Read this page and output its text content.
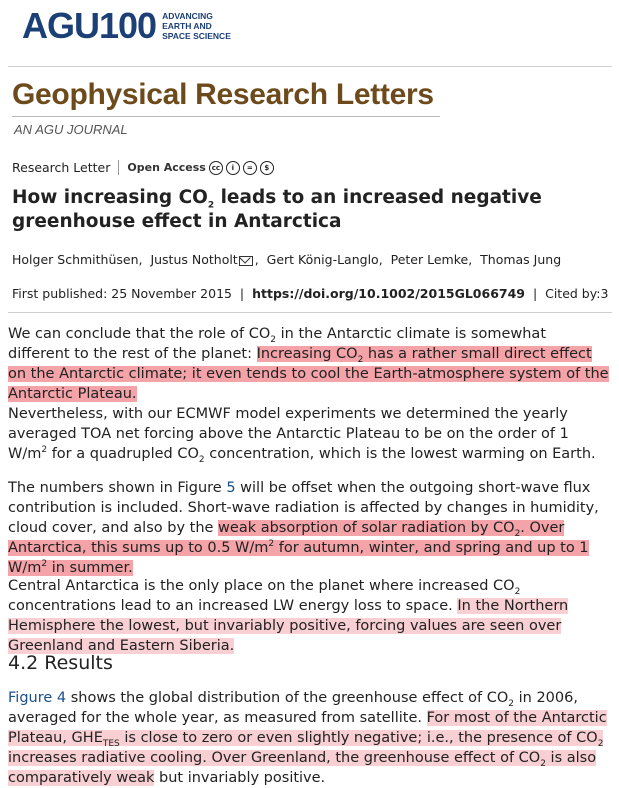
AGU100 ADVANCING
EARTH AND
SPACE SCIENCE
Geophysical Research Letters
AN AGU JOURNAL
Research Letter Open Access cc	i	=	$
How increasing $CO_2$ leads to an increased negative greenhouse effect in Antarctica
Holger Schmithüsen,  Justus Notholt ,  Gert König-Langlo,  Peter Lemke,  Thomas Jung
First published: 25 November 2015  |  https://doi.org/10.1002/2015GL066749  |  Cited by:3

We can conclude that the role of $CO_2$ in the Antarctic climate is somewhat different to the rest of the planet: Increasing $CO_2$ has a rather small direct effect on the Antarctic climate; it even tends to cool the Earth-atmosphere system of the Antarctic Plateau.

Nevertheless, with our ECMWF model experiments we determined the yearly averaged TOA net forcing above the Antarctic Plateau to be on the order of 1 $W/m^2$ for a quadrupled $CO_2$ concentration, which is the lowest warming on Earth.

The numbers shown in Figure 5 will be offset when the outgoing short-wave flux contribution is included. Short-wave radiation is affected by changes in humidity, cloud cover, and also by the weak absorption of solar radiation by $CO_2$. Over Antarctica, this sums up to 0.5 $W/m^2$ for autumn, winter, and spring and up to 1 $W/m^2$ in summer.

Central Antarctica is the only place on the planet where increased $CO_2$ concentrations lead to an increased LW energy loss to space. In the Northern Hemisphere the lowest, but invariably positive, forcing values are seen over Greenland and Eastern Siberia.

4.2 Results

Figure 4 shows the global distribution of the greenhouse effect of $CO_2$ in 2006, averaged for the whole year, as measured from satellite. For most of the Antarctic Plateau, $GHE_{TES}$ is close to zero or even slightly negative; i.e., the presence of $CO_2$ increases radiative cooling. Over Greenland, the greenhouse effect of $CO_2$ is also comparatively weak but invariably positive.
